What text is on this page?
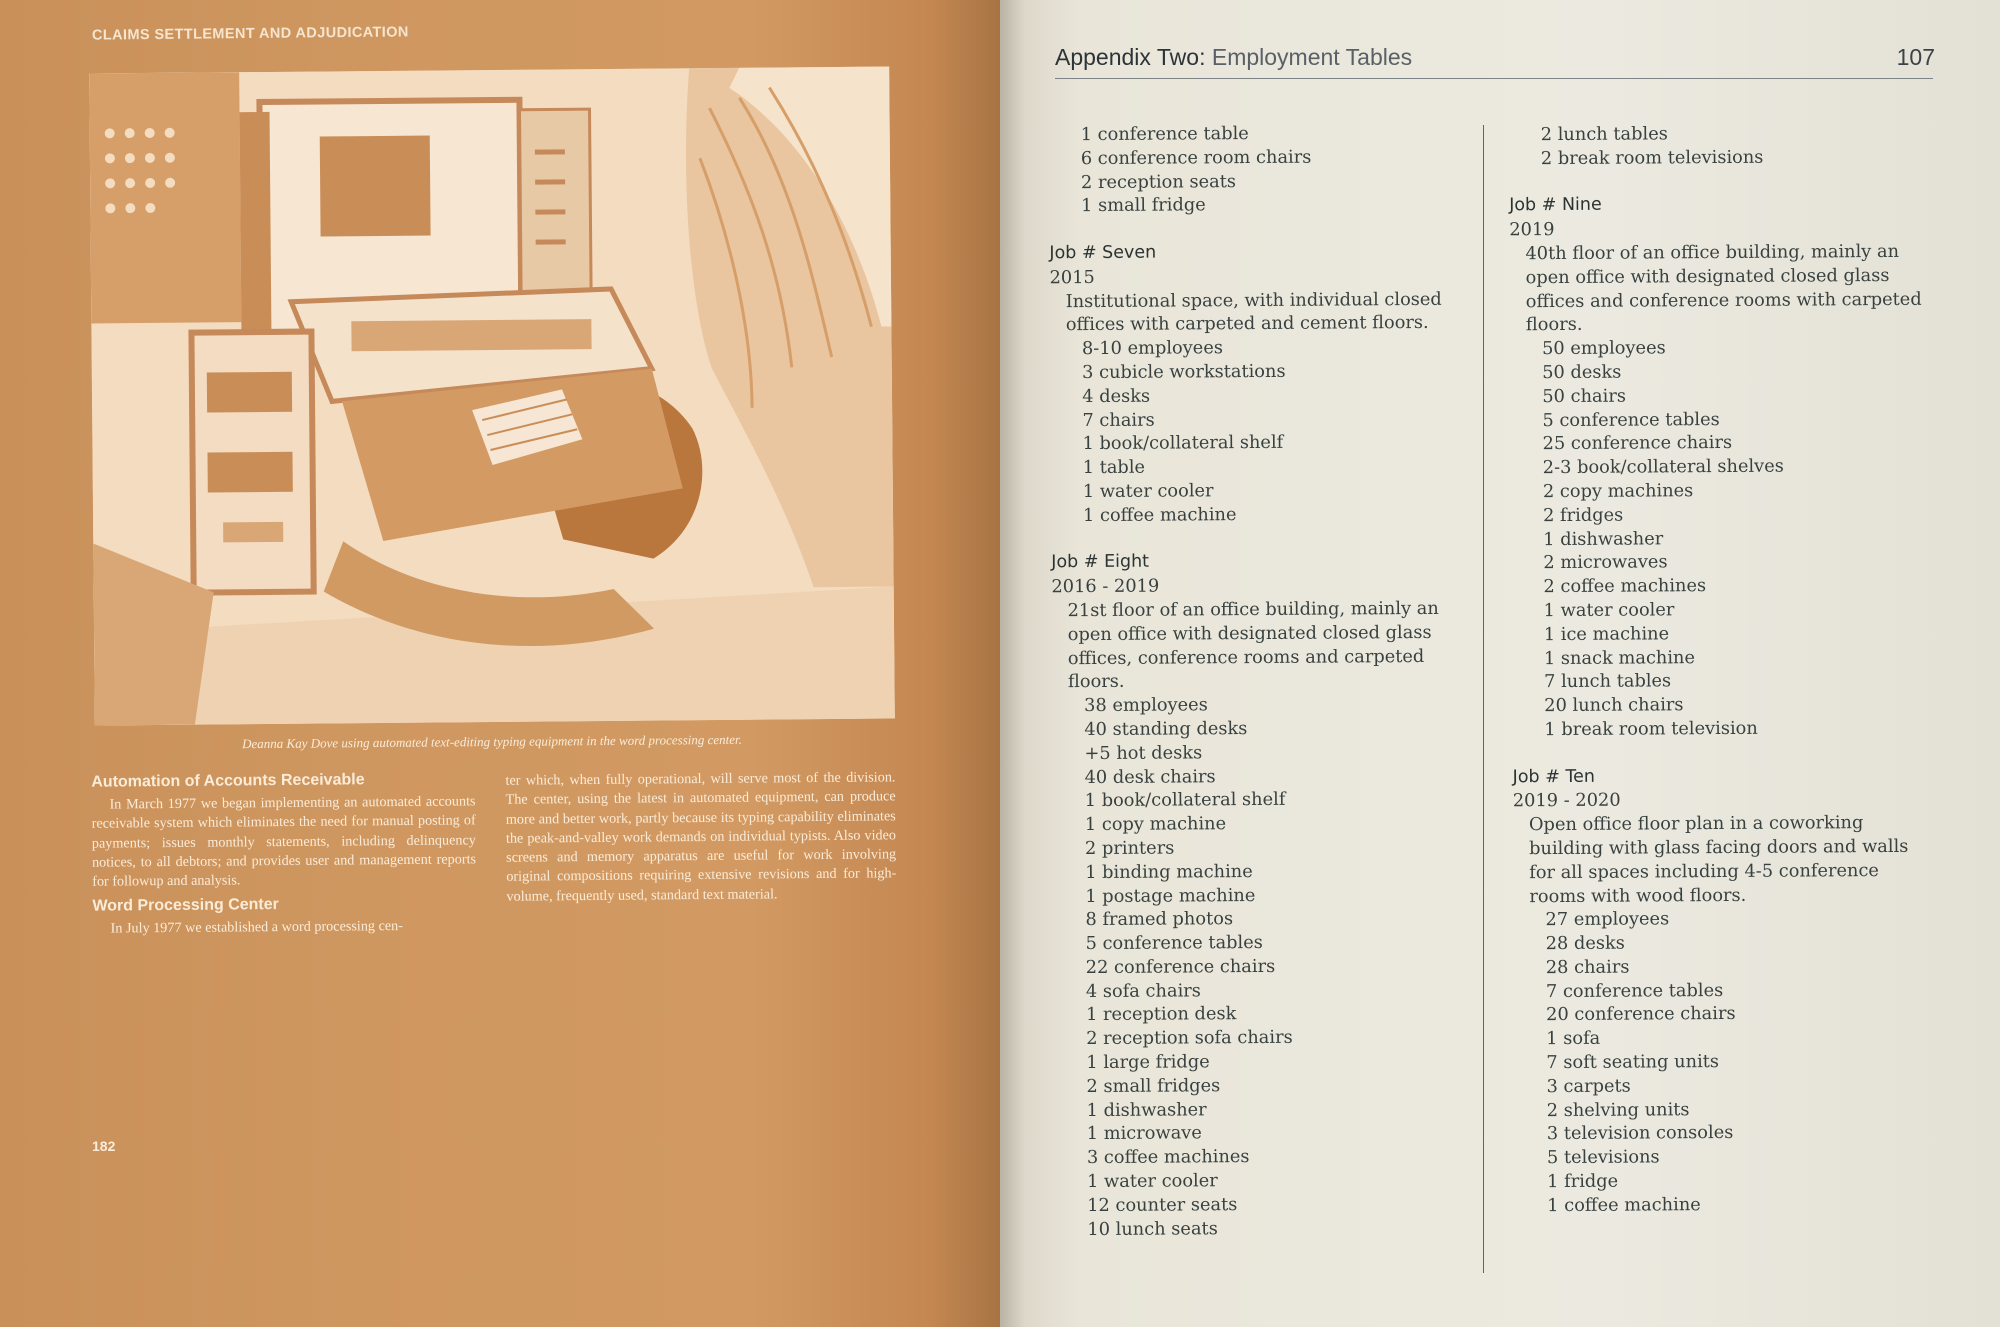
CLAIMS SETTLEMENT AND ADJUDICATION
Deanna Kay Dove using automated text-editing typing equipment in the word processing center.
Automation of Accounts Receivable

In March 1977 we began implementing an automated accounts receivable system which eliminates the need for manual posting of payments; issues monthly statements, including delinquency notices, to all debtors; and provides user and management reports for followup and analysis.

Word Processing Center

In July 1977 we established a word processing cen-

ter which, when fully operational, will serve most of the division. The center, using the latest in automated equipment, can produce more and better work, partly because its typing capability eliminates the peak-and-valley work demands on individual typists. Also video screens and memory apparatus are useful for work involving original compositions requiring extensive revisions and for high-volume, frequently used, standard text material.

182
Appendix Two: Employment Tables	107
1 conference table
6 conference room chairs
2 reception seats
1 small fridge
Job # Seven
2015
Institutional space, with individual closed offices with carpeted and cement floors.
8-10 employees
3 cubicle workstations
4 desks
7 chairs
1 book/collateral shelf
1 table
1 water cooler
1 coffee machine
Job # Eight
2016 - 2019
21st floor of an office building, mainly an open office with designated closed glass offices, conference rooms and carpeted floors.
38 employees
40 standing desks
+5 hot desks
40 desk chairs
1 book/collateral shelf
1 copy machine
2 printers
1 binding machine
1 postage machine
8 framed photos
5 conference tables
22 conference chairs
4 sofa chairs
1 reception desk
2 reception sofa chairs
1 large fridge
2 small fridges
1 dishwasher
1 microwave
3 coffee machines
1 water cooler
12 counter seats
10 lunch seats
2 lunch tables
2 break room televisions
Job # Nine
2019
40th floor of an office building, mainly an open office with designated closed glass offices and conference rooms with carpeted floors.
50 employees
50 desks
50 chairs
5 conference tables
25 conference chairs
2-3 book/collateral shelves
2 copy machines
2 fridges
1 dishwasher
2 microwaves
2 coffee machines
1 water cooler
1 ice machine
1 snack machine
7 lunch tables
20 lunch chairs
1 break room television
Job # Ten
2019 - 2020
Open office floor plan in a coworking building with glass facing doors and walls for all spaces including 4-5 conference rooms with wood floors.
27 employees
28 desks
28 chairs
7 conference tables
20 conference chairs
1 sofa
7 soft seating units
3 carpets
2 shelving units
3 television consoles
5 televisions
1 fridge
1 coffee machine
